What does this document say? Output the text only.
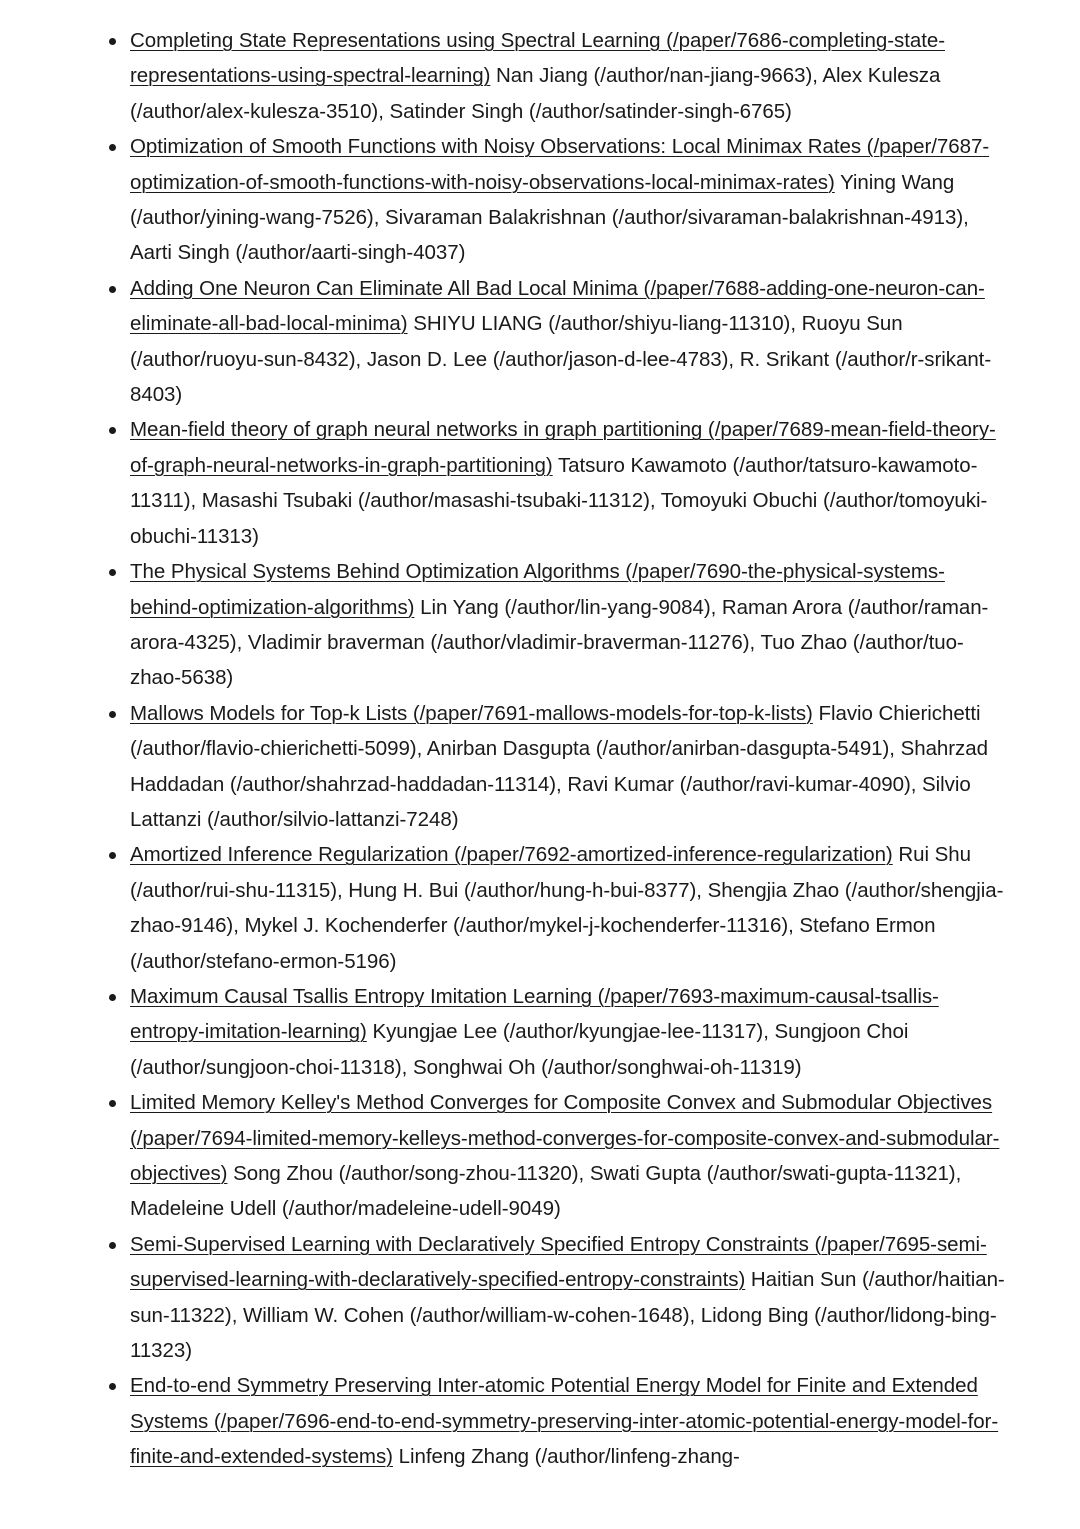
Completing State Representations using Spectral Learning (/paper/7686-completing-state-representations-using-spectral-learning) Nan Jiang (/author/nan-jiang-9663), Alex Kulesza (/author/alex-kulesza-3510), Satinder Singh (/author/satinder-singh-6765)
Optimization of Smooth Functions with Noisy Observations: Local Minimax Rates (/paper/7687-optimization-of-smooth-functions-with-noisy-observations-local-minimax-rates) Yining Wang (/author/yining-wang-7526), Sivaraman Balakrishnan (/author/sivaraman-balakrishnan-4913), Aarti Singh (/author/aarti-singh-4037)
Adding One Neuron Can Eliminate All Bad Local Minima (/paper/7688-adding-one-neuron-can-eliminate-all-bad-local-minima) SHIYU LIANG (/author/shiyu-liang-11310), Ruoyu Sun (/author/ruoyu-sun-8432), Jason D. Lee (/author/jason-d-lee-4783), R. Srikant (/author/r-srikant-8403)
Mean-field theory of graph neural networks in graph partitioning (/paper/7689-mean-field-theory-of-graph-neural-networks-in-graph-partitioning) Tatsuro Kawamoto (/author/tatsuro-kawamoto-11311), Masashi Tsubaki (/author/masashi-tsubaki-11312), Tomoyuki Obuchi (/author/tomoyuki-obuchi-11313)
The Physical Systems Behind Optimization Algorithms (/paper/7690-the-physical-systems-behind-optimization-algorithms) Lin Yang (/author/lin-yang-9084), Raman Arora (/author/raman-arora-4325), Vladimir braverman (/author/vladimir-braverman-11276), Tuo Zhao (/author/tuo-zhao-5638)
Mallows Models for Top-k Lists (/paper/7691-mallows-models-for-top-k-lists) Flavio Chierichetti (/author/flavio-chierichetti-5099), Anirban Dasgupta (/author/anirban-dasgupta-5491), Shahrzad Haddadan (/author/shahrzad-haddadan-11314), Ravi Kumar (/author/ravi-kumar-4090), Silvio Lattanzi (/author/silvio-lattanzi-7248)
Amortized Inference Regularization (/paper/7692-amortized-inference-regularization) Rui Shu (/author/rui-shu-11315), Hung H. Bui (/author/hung-h-bui-8377), Shengjia Zhao (/author/shengjia-zhao-9146), Mykel J. Kochenderfer (/author/mykel-j-kochenderfer-11316), Stefano Ermon (/author/stefano-ermon-5196)
Maximum Causal Tsallis Entropy Imitation Learning (/paper/7693-maximum-causal-tsallis-entropy-imitation-learning) Kyungjae Lee (/author/kyungjae-lee-11317), Sungjoon Choi (/author/sungjoon-choi-11318), Songhwai Oh (/author/songhwai-oh-11319)
Limited Memory Kelley's Method Converges for Composite Convex and Submodular Objectives (/paper/7694-limited-memory-kelleys-method-converges-for-composite-convex-and-submodular-objectives) Song Zhou (/author/song-zhou-11320), Swati Gupta (/author/swati-gupta-11321), Madeleine Udell (/author/madeleine-udell-9049)
Semi-Supervised Learning with Declaratively Specified Entropy Constraints (/paper/7695-semi-supervised-learning-with-declaratively-specified-entropy-constraints) Haitian Sun (/author/haitian-sun-11322), William W. Cohen (/author/william-w-cohen-1648), Lidong Bing (/author/lidong-bing-11323)
End-to-end Symmetry Preserving Inter-atomic Potential Energy Model for Finite and Extended Systems (/paper/7696-end-to-end-symmetry-preserving-inter-atomic-potential-energy-model-for-finite-and-extended-systems) Linfeng Zhang (/author/linfeng-zhang-
